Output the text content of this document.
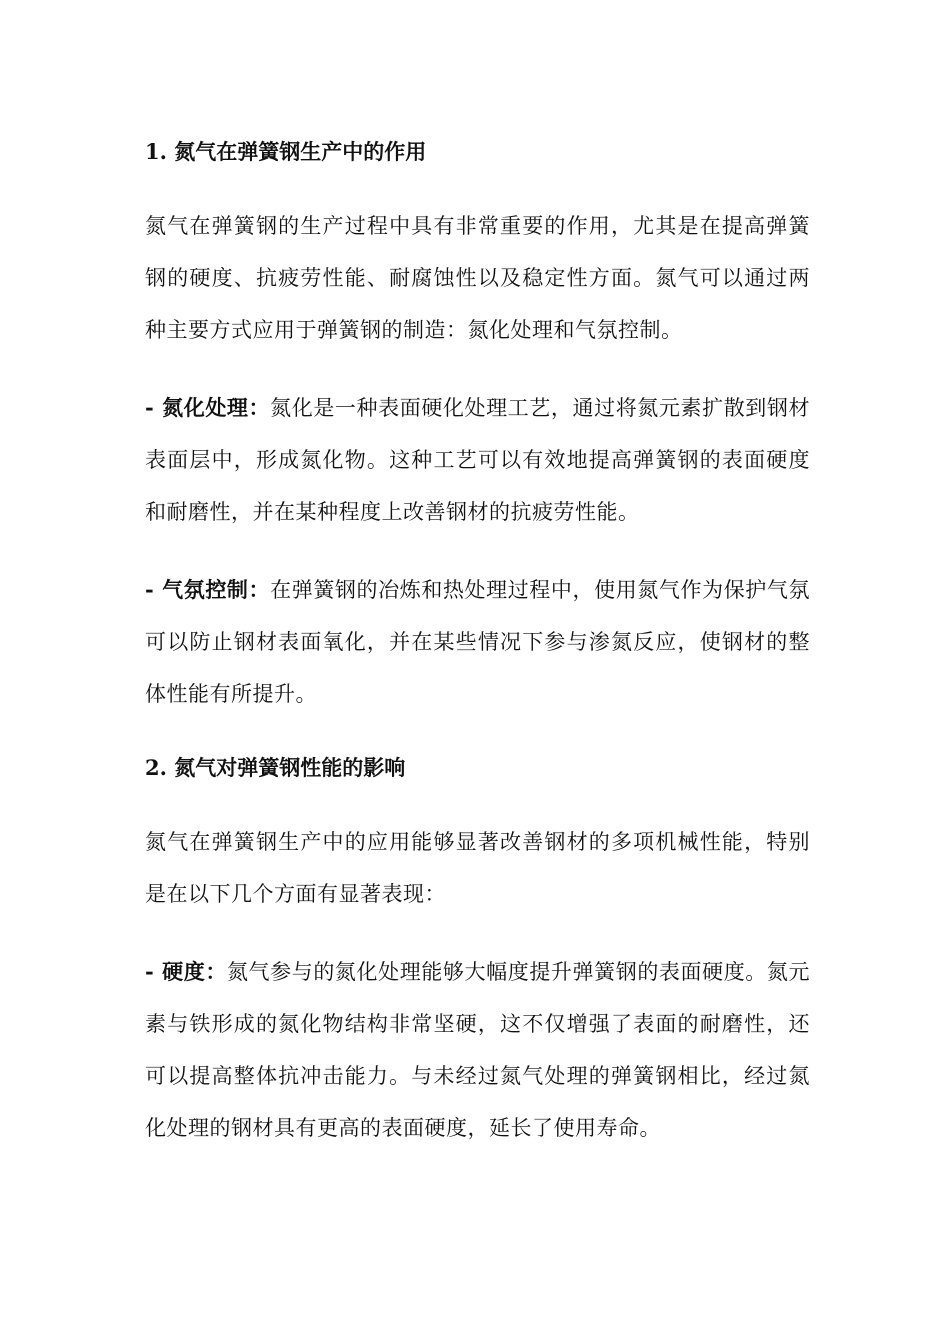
1. 氮气在弹簧钢生产中的作用

氮气在弹簧钢的生产过程中具有非常重要的作用，尤其是在提高弹簧钢的硬度、抗疲劳性能、耐腐蚀性以及稳定性方面。氮气可以通过两种主要方式应用于弹簧钢的制造：氮化处理和气氛控制。

- 氮化处理：氮化是一种表面硬化处理工艺，通过将氮元素扩散到钢材表面层中，形成氮化物。这种工艺可以有效地提高弹簧钢的表面硬度和耐磨性，并在某种程度上改善钢材的抗疲劳性能。

- 气氛控制：在弹簧钢的冶炼和热处理过程中，使用氮气作为保护气氛可以防止钢材表面氧化，并在某些情况下参与渗氮反应，使钢材的整体性能有所提升。

2. 氮气对弹簧钢性能的影响

氮气在弹簧钢生产中的应用能够显著改善钢材的多项机械性能，特别是在以下几个方面有显著表现：

- 硬度：氮气参与的氮化处理能够大幅度提升弹簧钢的表面硬度。氮元素与铁形成的氮化物结构非常坚硬，这不仅增强了表面的耐磨性，还可以提高整体抗冲击能力。与未经过氮气处理的弹簧钢相比，经过氮化处理的钢材具有更高的表面硬度，延长了使用寿命。
